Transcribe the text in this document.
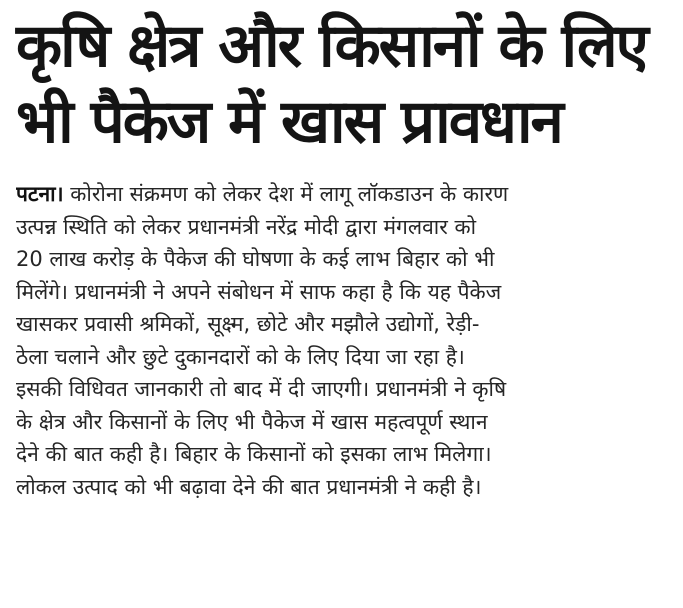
कृषि क्षेत्र और किसानों के लिए
भी पैकेज में खास प्रावधान
पटना। कोरोना संक्रमण को लेकर देश में लागू लॉकडाउन के कारण
उत्पन्न स्थिति को लेकर प्रधानमंत्री नरेंद्र मोदी द्वारा मंगलवार को
20 लाख करोड़ के पैकेज की घोषणा के कई लाभ बिहार को भी
मिलेंगे। प्रधानमंत्री ने अपने संबोधन में साफ कहा है कि यह पैकेज
खासकर प्रवासी श्रमिकों, सूक्ष्म, छोटे और मझौले उद्योगों, रेड़ी-
ठेला चलाने और छुटे दुकानदारों को के लिए दिया जा रहा है।
इसकी विधिवत जानकारी तो बाद में दी जाएगी। प्रधानमंत्री ने कृषि
के क्षेत्र और किसानों के लिए भी पैकेज में खास महत्वपूर्ण स्थान
देने की बात कही है। बिहार के किसानों को इसका लाभ मिलेगा।
लोकल उत्पाद को भी बढ़ावा देने की बात प्रधानमंत्री ने कही है।
